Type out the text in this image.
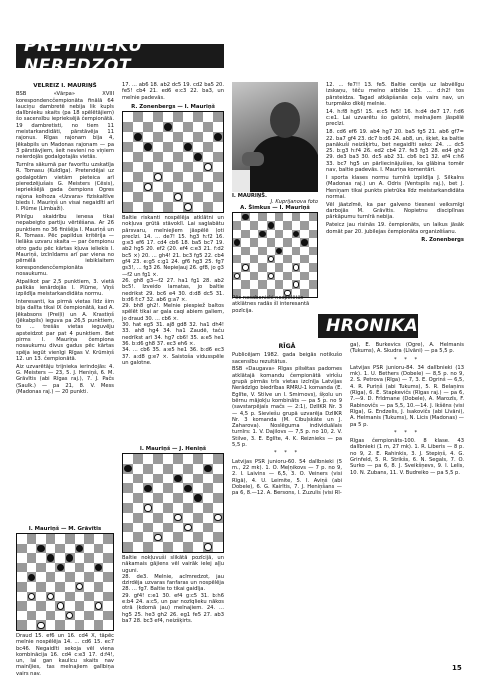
PRETINIEKU NEREDZOT
VELREIZ I. MAURIŅŠ

BSB «Vārpa» XVIII korespondencčempionāta finālā 64 lauciņu dambretē nebija lik kupls dalībnieku skaits (pa 18 spēlētājiem) šo sacensību ieprieksējā čempionātā. 19 dambretisti, no tiem 11 meistarkandidāti, pārstāvēja 11 rajonus. Rīgas rajonam bija 4, Jēkabpils un Madonas rajonam — pa 3 pārstāvjiem, šeit nevieni no viņiem neierdojās godalgotajās vietās.

Turnīra sākumā par favorītu uzskatīja R. Tomasu (Kuldīga). Pretendējai uz godalgotām vietām pieteica arī pieredzējušais G. Meisters (Cēsis), iepriekšējā gada čempions Ogres rajona kolhoza «Uzvara» fiziskaltīve bieds I. Mauriņš un visai negaidīti arī I. Plūme (Limbaži).

Pilnīgu skaidrību ienesa tikai nepabeigto partiju vērtēšana. Ar 26 punktiem no 36 finišēja I. Mauriņš un R. Tomass. Pēc papildus kritērija — lielāka uzvaru skaita — par čempionu otro gadu pēc kārtas kļuva ieliekis I. Mauriņš, izcīnīdams arī par viena no pērnēlā iebiklaitem korespondencčempionāta nosaukumu.

Atpalikot par 2,5 punktiem, 3. vietā palikās ienārdojās I. Plūme, Viņš izpildīja meistarkandidāta normu.

Interesanti, ka pirmā vietas līdz šim bija dalīta tikai IX čempionātā, kad A. Jēkabsons (Preiļi) un A. Krastiņš (Jēkabpils) ieguva pa 26,5 punktiem, to ... trešās vietas ieguvēju apsteidzot par pat 4 punktiem. Bet pirms I. Mauriņa čempiona nosaukumu divus gadus pēc kārtas spēja iegūt vienīgi Rīgas V. Krūmiņš 12. un 13. čempionātā.

Aiz uzvarētāju trijnieka ierindojās: 4. G. Meisters — 23, 5. J. Heniņš, 6. M. Grāvītis (abi Rīgas raj.), 7. J. Pačs (Saulk.) — pa 21, 8. V. Mess (Madonas raj.) — 20 punkti.

I. Mauriņš — M. Grāvītis
Draud 15. ef6 un 16. cd4 X, tāpēc melnie nospēlēja 14. ... cd6 15. ec7 bc46. Negaidīti sekoja vēl viena kombinācija 16. cd4 c:e3 17. d:f4!, un, lai gan kaulicu skaits nav mainījies, tas melnajiem galībiņa vairs nav.

17. ... ab6 18. ab2 dc5 19. cd2 ba5 20. fe5! cb4 21. ed6 e:c3 22. ba3, un melnie padevās.

R. Zonenbergs — I. Mauriņš

Baltie riskanti nospēlēja atklātni un nokļuva grūtā stāvoklī. Lai saglabātu pārsvaru, melniejiem jāspēlē ļoti precīzi. 14. ... de7! 15. hg3 h:f2 16. g:e3 ef6 17. cd4 cb6 18. ba5 bc7 19. ab2 hg5 20. ef2 (20. ef4 c:e3 21. f:d2 bc5 ×) 20. ... gh4! 21. bc3 fg5 22. cb4 gf4 23. e:g5 c:g1 24. gf6 hg3 25. fg7 gs3!, ... fg3 26. Nepieļauj 26. gf8, jo g3—f2 un fg1 ×.

26. gh8 g3—f2 27. ha1 fg1 28. ab2 bc5!. Izveido lamatas, jo baltie nedrikst 29. bc6 e4 30. d:d8 dc5 31. b:d6 f:c7 32. ab6 g:a7 ×.

29. bh8 gh2!. Melnie piespiež baltos spēlēt tikai ar gala caqi abiem galiem, jo draud 30. ... cb6 ×.

30. hat eg5 31. aj8 gd8 32. ha1 dh4! 33. ah8 hg4 34. ha1 Zaudē, taču nedrīkst arī 34. hg7 cb6! 35. a:e5 he1 36. b:d6 gh8 37. ec3 eh6 ×.

34. ... cb6 35. a:e5 he1 36. b:d6 ec3 37. a:d8 g:e7 ×. Saistoša vidusspēle un galotne.

I. Mauriņš — J. Heniņš

Baltie nokļuvuši slikātā pozīcijā, un nākamais gājiens vēl vairāk ielej aļļu uguni.

28. de3. Melnie, acīmredzot, jau dzirdēja uzvaras fanfaras un nospēlēja 28. ... fg7. Baltie to tikai gaidīja.

29. gf4! c:e1 30. ef4 g:c5 31. b:h6 e:b4 24. a:c5, un par nozīqlieku nākos otrā (kdomā jau) melnajiem. 24. ... hg5 25. he3 gh2 26. eg1 fe5 27. ab3 ba7 28. bc3 ef4, neizšķirts.

I. MAURIŅŠ.
J. Kuprijanova foto
A. Šimkus — I. Mauriņš
Pēc nesaboniski nospēlētās atklātnes radās šī interesantā pozīcija.

12. ... fe7!! 13. fe5. Baltie cerēja uz labvēlīgu izskaņu, tēču melno atbilde 13. ... d:h2! tos pārsteidza. Tagad atkāpšanās ceļa vairs nav, un turpmāko dikēj melnie.

14. h:f8 hg5! 15. e:c5 fe5! 16. h:d4 de7 17. f:d6 c:e1. Lai uzvarētu šo galotni, melnajiem jāspēlē precīzi.

18. cd6 ef6 19. ab4 hg7 20. ba5 fg5 21. ab6 gf7= 22. ba7 gf4 23. dc7 b:d6 24. ab8, un, šķiet, ka baltie panākuši neizšķirtu, bet negaidīti seko: 24. ... dc5 25. b:g3 h:f4 26. ed2 cb4 27. fe3 fg3 28. ed4 gh2 29. de3 ba3 30. dc5 ab2 31. cb6 bc1 32. ef4 c:h6 33. bc7 hg5 un pārliecinājušies, ka glābina tomēr nav, baltie padevās. I. Mauriņa komentāri.

I sporta klases normu turnīrā izpildīja J. Silkalns (Madonas raj.) un A. Odris (Ventspils raj.), bet J. Heniņam tikai punkts pietrūka līdz meistarkandidāta normai.

Vēl jāatzīmē, ka par galveno tiesnesi veiksmīgi darbojās M. Grāvītis. Nopietnu disciplīnas pārkāpumu turnīrā nebija.

Pateicz jau risinās 19. čempionāts, un laikus jāsāk domāt par 20. jubilejas čempionāta organizēšanu.

R. Zonenbergs
HRONIKA
RĪGĀ

Publicējam 1982. gada beigās notikušo sacensību rezultātus.

BSB «Daugava» Rīgas pilsētas padomes atklātajā komandu čempionātā virkšu grupā pirmās trīs vietas izcīnīja Latvijas Nerādzīgo biedrības RMRU-1 komanda (E. Eglīte, V. Stilve un I. Smirnovs), šķolu un bērnu mājokļu kombināts — pa 5 p. no 9 (savstarpējais mačs — 2:1), DzIIKR Nr. 3 — 4,5 p. Sieviešu grupā uzvarēja DzIIKR Nr. 3 komanda (M. Cibuļskāte un J. Zaharova). Noslēguma individuālais turnīrs: 1. V. Dajilovs — 7,5 p. no 10, 2. V. Stilve, 3. E. Eglīte, 4. K. Reiznieks — pa 5,5 p.

* * *

Latvijas PSR junioru-60. 54 dalībnieki (5 m., 22 mk). 1. O. Meļņikovs — 7 p. no 9, 2. I. Laivins — 6,5, 3. O. Veiners (visi Rīgā), 4. U. Leimite, 5. I. Aviņš (abi Dobele), 6. G. Kairītis, 7. J. Heniņšans — pa 6, 8.—12. A. Bersons, I. Zuzulis (visi Rī-

ga), E. Burkevics (Ogre), A. Helmanis (Tukums), A. Skudra (Līvāni) — pa 5,5 p.

* * *

Latvijas PSR junioru-84. 34 dalībnieki (13 mk). 1. U. Bethers (Dobele) — 8,5 p. no 9, 2. S. Petrova (Rīga) — 7, 3. E. Ogrinš — 6,5, 4. R. Puriņš (abi Tukums), 5. R. Belaņins (Rīga), 6. E. Stapkevičs (Rīgas raj.) — pa 6, 7.—9. D. Frīdmane (Dobele), A. Marozīs, F. Rabinovičs — pa 5,5, 10.—14. J. Ikšēns (visi Rīga), G. Endzelis, J. Isakovičs (abi Līvāni), A. Helmanis (Tukums), N. Licis (Madonas) — pa 5 p.

* * *

Rīgas čempionāts-100. 8 klase. 43 dalībnieki (1 m, 27 mk). 1. R. Liberis — 8 p. no 9, 2. E. Rahinkis, 3. J. Stepiņš, 4. G. Grinfeld, 5. R. Strikšs, 6. N. Segals, 7. O. Surko — pa 6, 8. J. Sveikšņevs, 9. I. Lelis, 10. N. Zubans, 11. V. Budreiko — pa 5,5 p.

15
